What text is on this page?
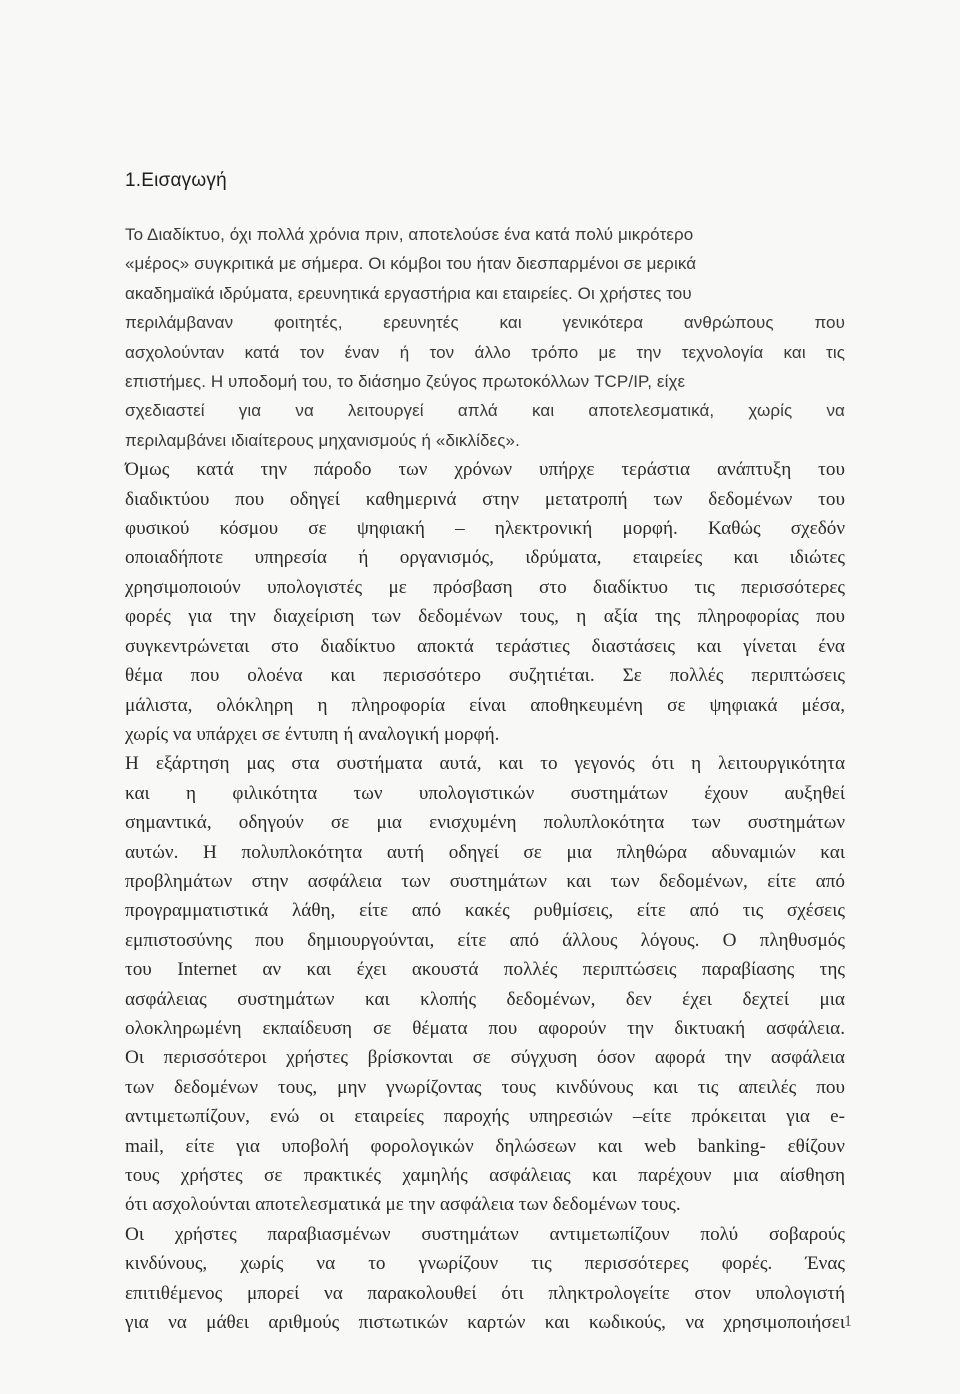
1.Εισαγωγή
Το Διαδίκτυο, όχι πολλά χρόνια πριν, αποτελούσε ένα κατά πολύ μικρότερο
«μέρος» συγκριτικά με σήμερα. Οι κόμβοι του ήταν διεσπαρμένοι σε μερικά
ακαδημαϊκά ιδρύματα, ερευνητικά εργαστήρια και εταιρείες. Οι χρήστες του
περιλάμβαναν φοιτητές, ερευνητές και γενικότερα ανθρώπους που
ασχολούνταν κατά τον έναν ή τον άλλο τρόπο με την τεχνολογία και τις
επιστήμες. Η υποδομή του, το διάσημο ζεύγος πρωτοκόλλων TCP/IP, είχε
σχεδιαστεί για να λειτουργεί απλά και αποτελεσματικά, χωρίς να
περιλαμβάνει ιδιαίτερους μηχανισμούς ή «δικλίδες».
Όμως κατά την πάροδο των χρόνων υπήρχε τεράστια ανάπτυξη του
διαδικτύου που οδηγεί καθημερινά στην μετατροπή των δεδομένων του
φυσικού κόσμου σε ψηφιακή – ηλεκτρονική μορφή. Καθώς σχεδόν
οποιαδήποτε υπηρεσία ή οργανισμός, ιδρύματα, εταιρείες και ιδιώτες
χρησιμοποιούν υπολογιστές με πρόσβαση στο διαδίκτυο τις περισσότερες
φορές για την διαχείριση των δεδομένων τους, η αξία της πληροφορίας που
συγκεντρώνεται στο διαδίκτυο αποκτά τεράστιες διαστάσεις και γίνεται ένα
θέμα που ολοένα και περισσότερο συζητιέται. Σε πολλές περιπτώσεις
μάλιστα, ολόκληρη η πληροφορία είναι αποθηκευμένη σε ψηφιακά μέσα,
χωρίς να υπάρχει σε έντυπη ή αναλογική μορφή.
Η εξάρτηση μας στα συστήματα αυτά, και το γεγονός ότι η λειτουργικότητα
και η φιλικότητα των υπολογιστικών συστημάτων έχουν αυξηθεί
σημαντικά, οδηγούν σε μια ενισχυμένη πολυπλοκότητα των συστημάτων
αυτών. Η πολυπλοκότητα αυτή οδηγεί σε μια πληθώρα αδυναμιών και
προβλημάτων στην ασφάλεια των συστημάτων και των δεδομένων, είτε από
προγραμματιστικά λάθη, είτε από κακές ρυθμίσεις, είτε από τις σχέσεις
εμπιστοσύνης που δημιουργούνται, είτε από άλλους λόγους. Ο πληθυσμός
του Internet αν και έχει ακουστά πολλές περιπτώσεις παραβίασης της
ασφάλειας συστημάτων και κλοπής δεδομένων, δεν έχει δεχτεί μια
ολοκληρωμένη εκπαίδευση σε θέματα που αφορούν την δικτυακή ασφάλεια.
Οι περισσότεροι χρήστες βρίσκονται σε σύγχυση όσον αφορά την ασφάλεια
των δεδομένων τους, μην γνωρίζοντας τους κινδύνους και τις απειλές που
αντιμετωπίζουν, ενώ οι εταιρείες παροχής υπηρεσιών –είτε πρόκειται για e-
mail, είτε για υποβολή φορολογικών δηλώσεων και web banking- εθίζουν
τους χρήστες σε πρακτικές χαμηλής ασφάλειας και παρέχουν μια αίσθηση
ότι ασχολούνται αποτελεσματικά με την ασφάλεια των δεδομένων τους.
Οι χρήστες παραβιασμένων συστημάτων αντιμετωπίζουν πολύ σοβαρούς
κινδύνους, χωρίς να το γνωρίζουν τις περισσότερες φορές. Ένας
επιτιθέμενος μπορεί να παρακολουθεί ότι πληκτρολογείτε στον υπολογιστή
για να μάθει αριθμούς πιστωτικών καρτών και κωδικούς, να χρησιμοποιήσει 1
